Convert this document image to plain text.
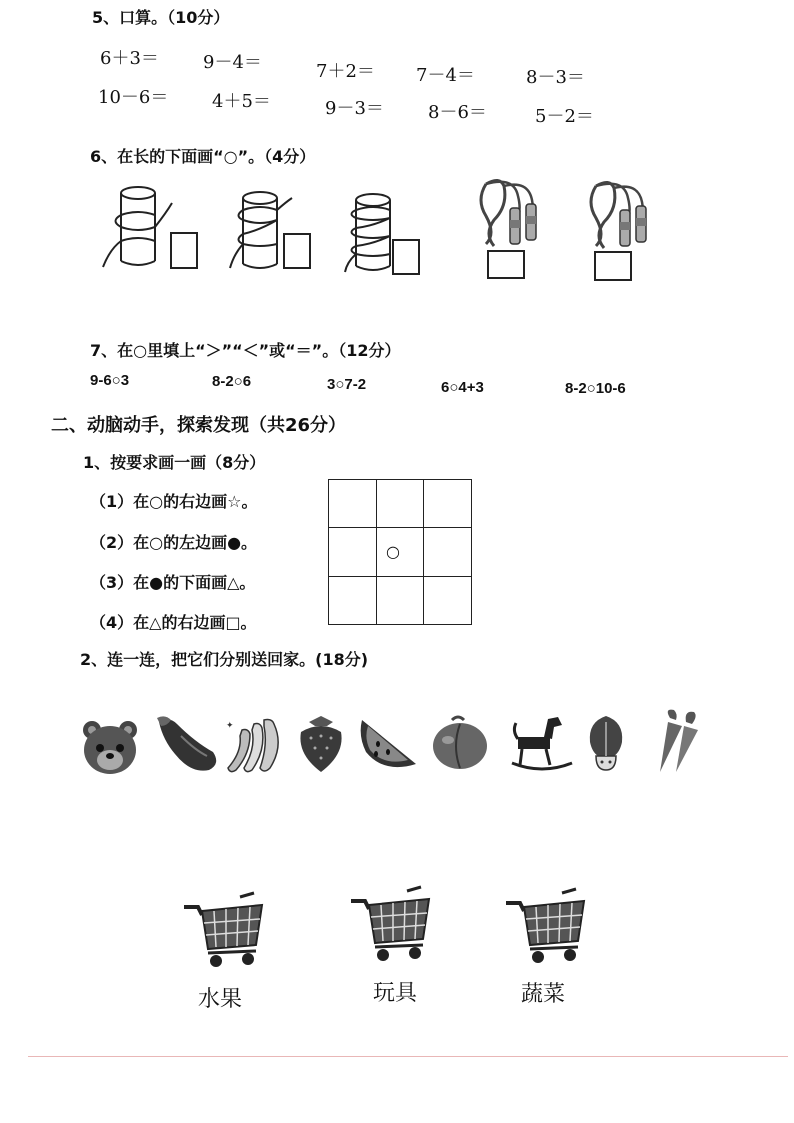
5、口算。（10分）
6＋3＝ 9－4＝	7＋2＝ 7－4＝	8－3＝
10－6＝ 4＋5＝	9－3＝ 8－6＝	5－2＝
6、在长的下面画“○”。（4分）
7、在○里填上“＞”“＜”或“＝”。（12分）
9-6○3	8-2○6	3○7-2	6○4+3	8-2○10-6
二、动脑动手，探索发现（共26分）
1、按要求画一画（8分）
（1）在○的右边画☆。
（2）在○的左边画●。
（3）在●的下面画△。
（4）在△的右边画□。
○
2、连一连，把它们分别送回家。(18分)
✦
水果	玩具	蔬菜
